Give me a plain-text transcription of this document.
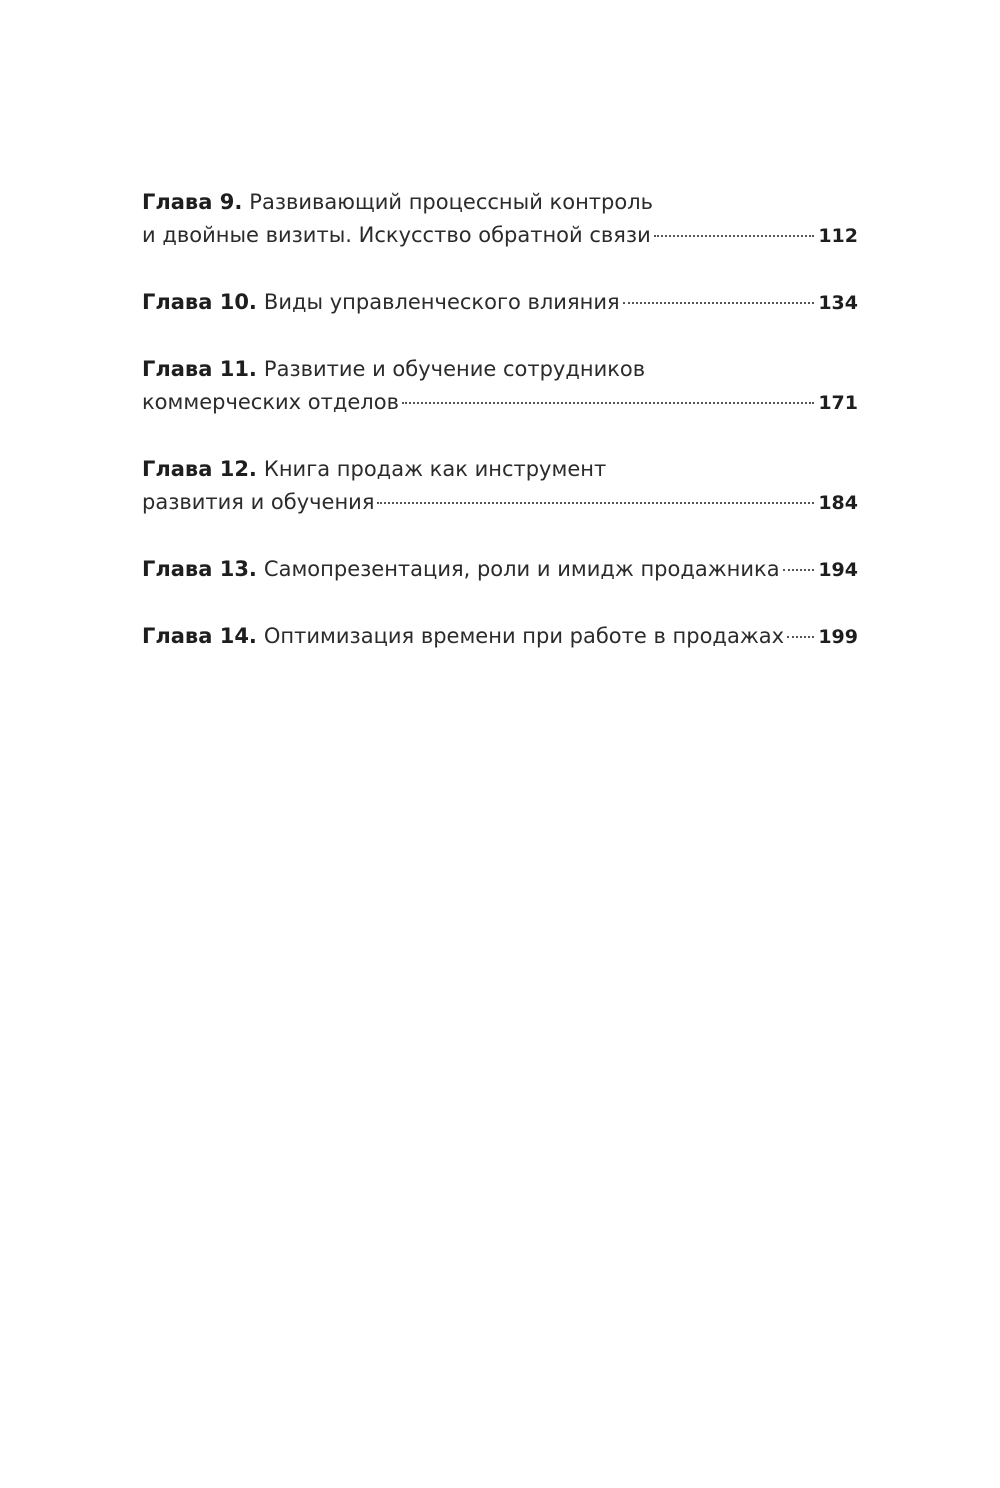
Глава 9. Развивающий процессный контроль
и двойные визиты. Искусство обратной связи	112
Глава 10. Виды управленческого влияния	134
Глава 11. Развитие и обучение сотрудников
коммерческих отделов	171
Глава 12. Книга продаж как инструмент
развития и обучения	184
Глава 13. Самопрезентация, роли и имидж продажника 194
Глава 14. Оптимизация времени при работе в продажах 199
